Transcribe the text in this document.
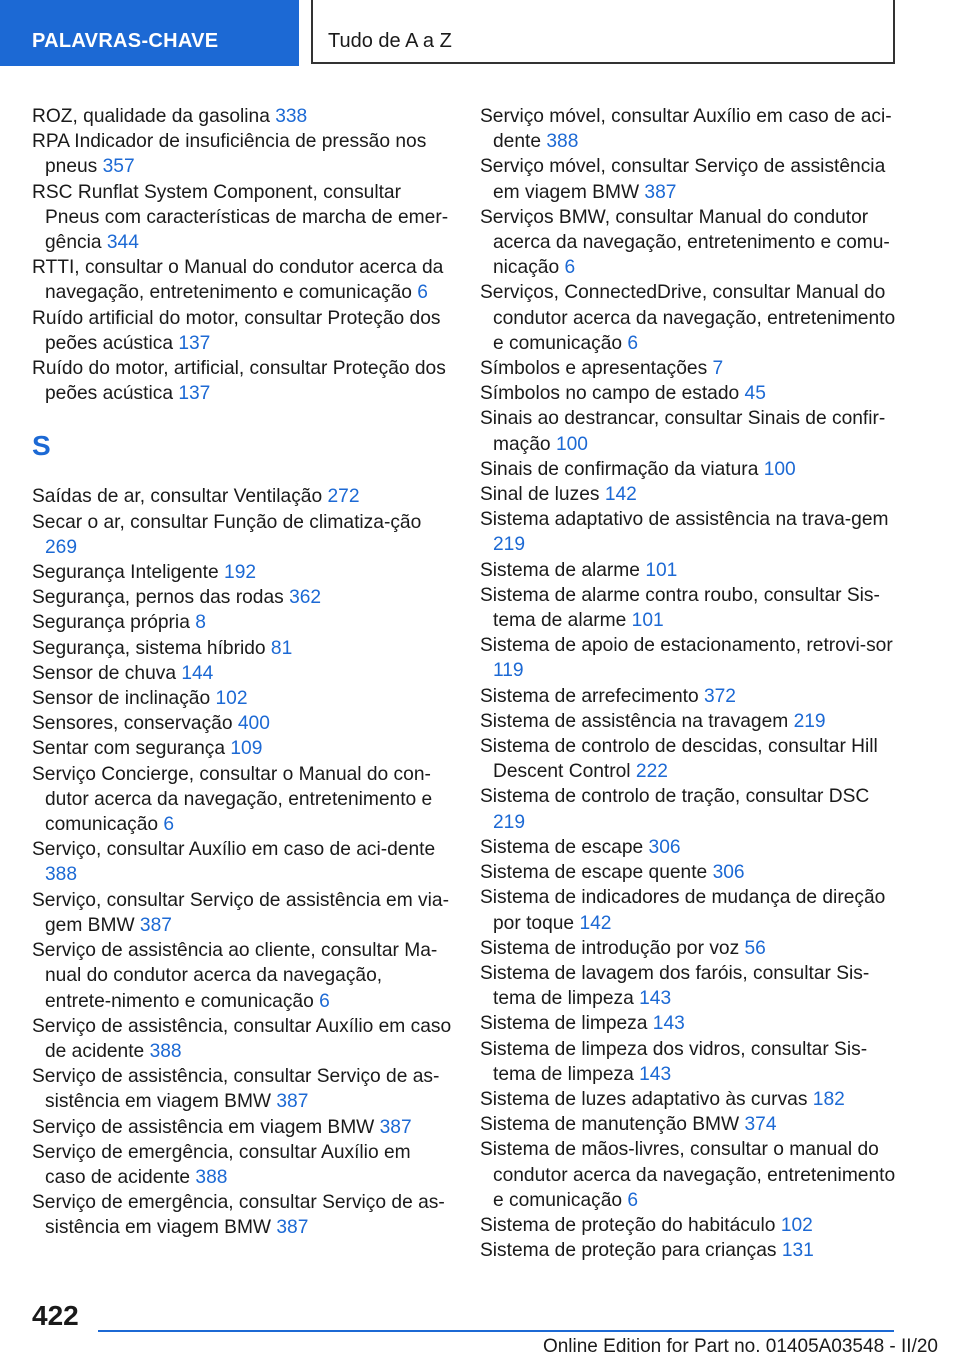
PALAVRAS-CHAVE	Tudo de A a Z
ROZ, qualidade da gasolina 338
RPA Indicador de insuficiência de pressão nos pneus 357
RSC Runflat System Component, consultar Pneus com características de marcha de emer-gência 344
RTTI, consultar o Manual do condutor acerca da navegação, entretenimento e comunicação 6
Ruído artificial do motor, consultar Proteção dos peões acústica 137
Ruído do motor, artificial, consultar Proteção dos peões acústica 137
S
Saídas de ar, consultar Ventilação 272
Secar o ar, consultar Função de climatiza-ção 269
Segurança Inteligente 192
Segurança, pernos das rodas 362
Segurança própria 8
Segurança, sistema híbrido 81
Sensor de chuva 144
Sensor de inclinação 102
Sensores, conservação 400
Sentar com segurança 109
Serviço Concierge, consultar o Manual do con-dutor acerca da navegação, entretenimento e comunicação 6
Serviço, consultar Auxílio em caso de aci-dente 388
Serviço, consultar Serviço de assistência em via-gem BMW 387
Serviço de assistência ao cliente, consultar Ma-nual do condutor acerca da navegação, entrete-nimento e comunicação 6
Serviço de assistência, consultar Auxílio em caso de acidente 388
Serviço de assistência, consultar Serviço de as-sistência em viagem BMW 387
Serviço de assistência em viagem BMW 387
Serviço de emergência, consultar Auxílio em caso de acidente 388
Serviço de emergência, consultar Serviço de as-sistência em viagem BMW 387
Serviço móvel, consultar Auxílio em caso de aci-dente 388
Serviço móvel, consultar Serviço de assistência em viagem BMW 387
Serviços BMW, consultar Manual do condutor acerca da navegação, entretenimento e comu-nicação 6
Serviços, ConnectedDrive, consultar Manual do condutor acerca da navegação, entretenimento e comunicação 6
Símbolos e apresentações 7
Símbolos no campo de estado 45
Sinais ao destrancar, consultar Sinais de confir-mação 100
Sinais de confirmação da viatura 100
Sinal de luzes 142
Sistema adaptativo de assistência na trava-gem 219
Sistema de alarme 101
Sistema de alarme contra roubo, consultar Sis-tema de alarme 101
Sistema de apoio de estacionamento, retrovi-sor 119
Sistema de arrefecimento 372
Sistema de assistência na travagem 219
Sistema de controlo de descidas, consultar Hill Descent Control 222
Sistema de controlo de tração, consultar DSC 219
Sistema de escape 306
Sistema de escape quente 306
Sistema de indicadores de mudança de direção por toque 142
Sistema de introdução por voz 56
Sistema de lavagem dos faróis, consultar Sis-tema de limpeza 143
Sistema de limpeza 143
Sistema de limpeza dos vidros, consultar Sis-tema de limpeza 143
Sistema de luzes adaptativo às curvas 182
Sistema de manutenção BMW 374
Sistema de mãos-livres, consultar o manual do condutor acerca da navegação, entretenimento e comunicação 6
Sistema de proteção do habitáculo 102
Sistema de proteção para crianças 131
422
Online Edition for Part no. 01405A03548 - II/20
